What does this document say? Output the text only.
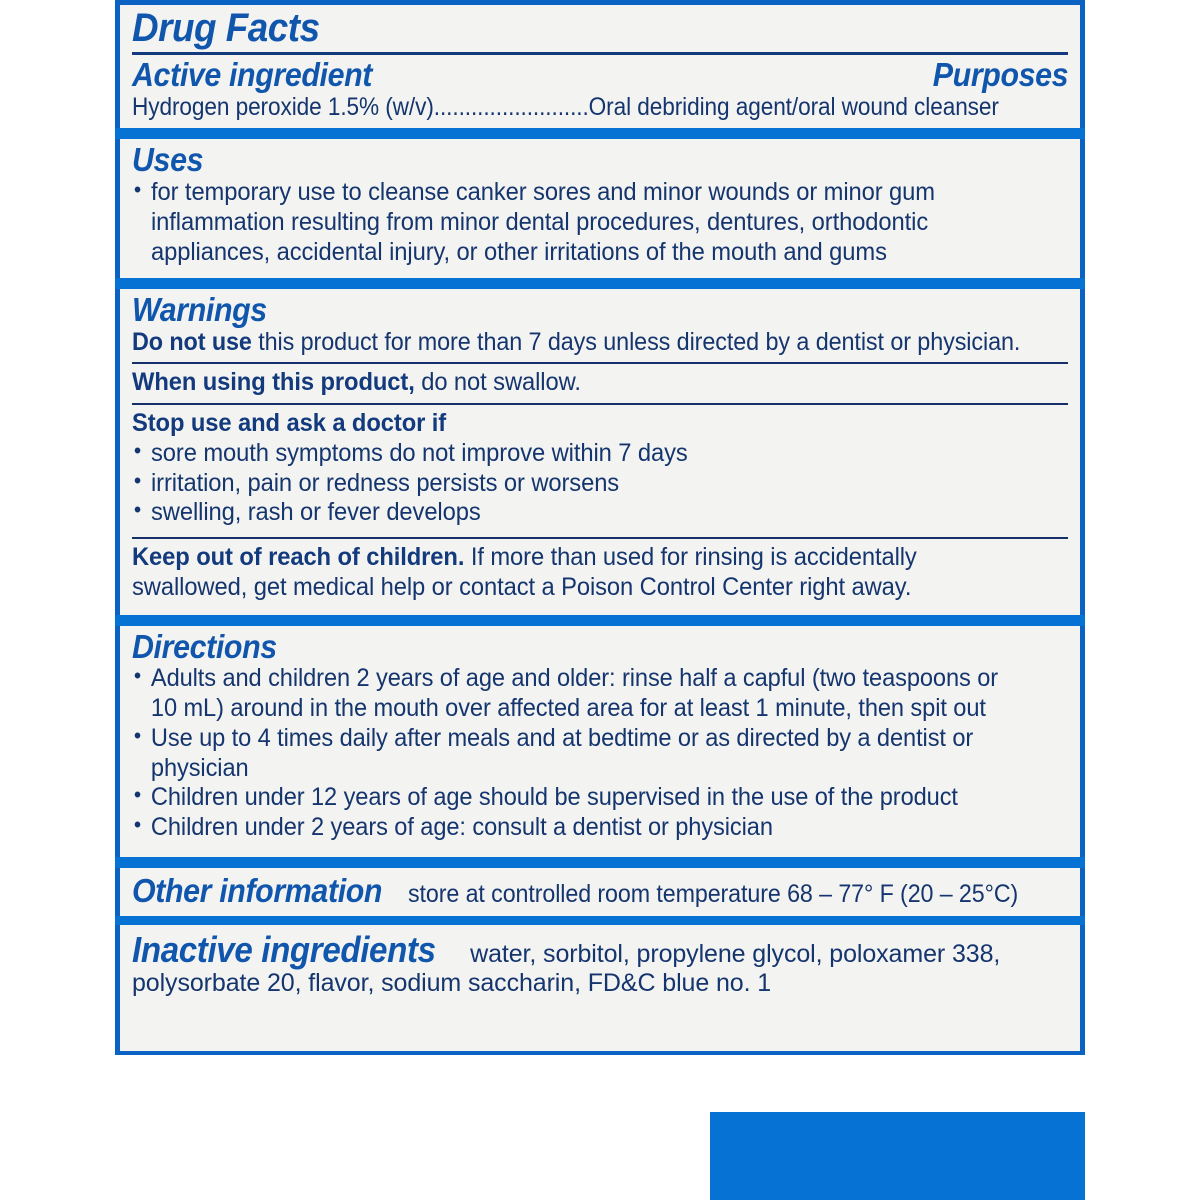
Drug Facts
Active ingredient	Purposes
Hydrogen peroxide 1.5% (w/v).........................Oral debriding agent/oral wound cleanser
Uses
• for temporary use to cleanse canker sores and minor wounds or minor gum inflammation resulting from minor dental procedures, dentures, orthodontic appliances, accidental injury, or other irritations of the mouth and gums
Warnings
Do not use this product for more than 7 days unless directed by a dentist or physician.
When using this product, do not swallow.
Stop use and ask a doctor if
• sore mouth symptoms do not improve within 7 days
• irritation, pain or redness persists or worsens
• swelling, rash or fever develops
Keep out of reach of children. If more than used for rinsing is accidentally swallowed, get medical help or contact a Poison Control Center right away.
Directions
• Adults and children 2 years of age and older: rinse half a capful (two teaspoons or 10 mL) around in the mouth over affected area for at least 1 minute, then spit out
• Use up to 4 times daily after meals and at bedtime or as directed by a dentist or physician
• Children under 12 years of age should be supervised in the use of the product
• Children under 2 years of age: consult a dentist or physician
Other information store at controlled room temperature 68 – 77° F (20 – 25°C)
Inactive ingredients water, sorbitol, propylene glycol, poloxamer 338, polysorbate 20, flavor, sodium saccharin, FD&C blue no. 1
